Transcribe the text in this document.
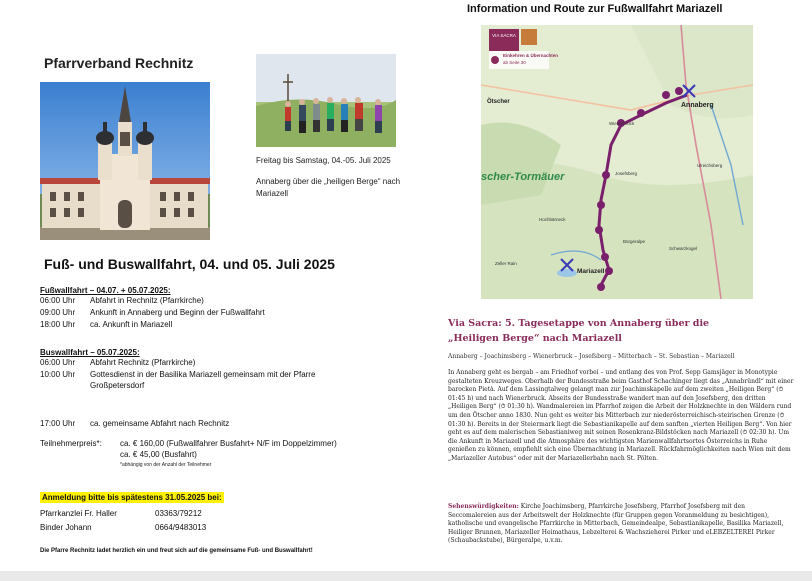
Pfarrverband Rechnitz
Freitag bis Samstag, 04.-05. Juli 2025
Annaberg über die „heiligen Berge“ nach Mariazell
Fuß- und Buswallfahrt, 04. und 05. Juli 2025
Fußwallfahrt – 04.07. + 05.07.2025:
06:00 Uhr Abfahrt in Rechnitz (Pfarrkirche)
09:00 Uhr Ankunft in Annaberg und Beginn der Fußwallfahrt
18:00 Uhr ca. Ankunft in Mariazell
Buswallfahrt – 05.07.2025:
06:00 Uhr Abfahrt Rechnitz (Pfarrkirche)
10:00 Uhr	Gottesdienst in der Basilika Mariazell gemeinsam mit der Pfarre Großpetersdorf
17:00 Uhr ca. gemeinsame Abfahrt nach Rechnitz
Teilnehmerpreis*: ca. € 160,00 (Fußwallfahrer Busfahrt+ N/F im Doppelzimmer)
ca. € 45,00 (Busfahrt)
*abhängig von der Anzahl der Teilnehmer
Anmeldung bitte bis spätestens 31.05.2025 bei:
Pfarrkanzlei Fr. Haller	03363/79212
Binder Johann	0664/9483013
Die Pfarre Rechnitz ladet herzlich ein und freut sich auf die gemeinsame Fuß- und Buswallfahrt!
Information und Route zur Fußwallfahrt Mariazell
VIA SACRA
Einkehren & Übernachten
ab Seite 30
Annaberg
Ötscher
scher-Tormäuer
Mariazell
Wienerbruck
Josefsberg
Schwarzkogel
Bürgeralpe
Ulreichsberg
Zeller Rain
Hochbärneck
Via Sacra: 5. Tagesetappe von Annaberg über die
„Heiligen Berge“ nach Mariazell
Annaberg – Joachimsberg – Wienerbruck – Josefsberg – Mitterbach – St. Sebastian – Mariazell
In Annaberg geht es bergab – am Friedhof vorbei – und entlang des von Prof. Sepp Gamsjäger in Monotypie gestalteten Kreuzweges. Oberhalb der Bundesstraße beim Gasthof Schachinger liegt das „Annabründl“ mit einer barocken Pietà. Auf dem Lassingtalweg gelangt man zur Joachimskapelle auf dem zweiten „Heiligen Berg“ (⏱ 01:45 h) und nach Wienerbruck. Abseits der Bundesstraße wandert man auf den Josefsberg, den dritten „Heiligen Berg“ (⏱ 01:30 h). Wandmalereien im Pfarrhof zeigen die Arbeit der Holzknechte in den Wäldern rund um den Ötscher anno 1830. Nun geht es weiter bis Mitterbach zur niederösterreichisch-steirischen Grenze (⏱ 01:30 h). Bereits in der Steiermark liegt die Sebastianikapelle auf dem sanften „vierten Heiligen Berg“. Von hier geht es auf dem malerischen Sebastianiweg mit seinen Rosenkranz-Bildstöcken nach Mariazell (⏱ 02:30 h). Um die Ankunft in Mariazell und die Atmosphäre des wichtigsten Marienwallfahrtsortes Österreichs in Ruhe genießen zu können, empfiehlt sich eine Übernachtung in Mariazell. Rückfahrmöglichkeiten nach Wien mit dem „Mariazeller Autobus“ oder mit der Mariazellerbahn nach St. Pölten.
Sehenswürdigkeiten: Kirche Joachimsberg, Pfarrkirche Josefsberg, Pfarrhof Josefsberg mit den Seccomalereien aus der Arbeitswelt der Holzknechte (für Gruppen gegen Voranmeldung zu besichtigen), katholische und evangelische Pfarrkirche in Mitterbach, Gemeindealpe, Sebastianikapelle, Basilika Mariazell, Heiliger Brunnen, Mariazeller Heimathaus, Lebzelterei & Wachszieherei Pirker und eLEBZELTEREI Pirker (Schaubackstube), Bürgeralpe, u.v.m.
